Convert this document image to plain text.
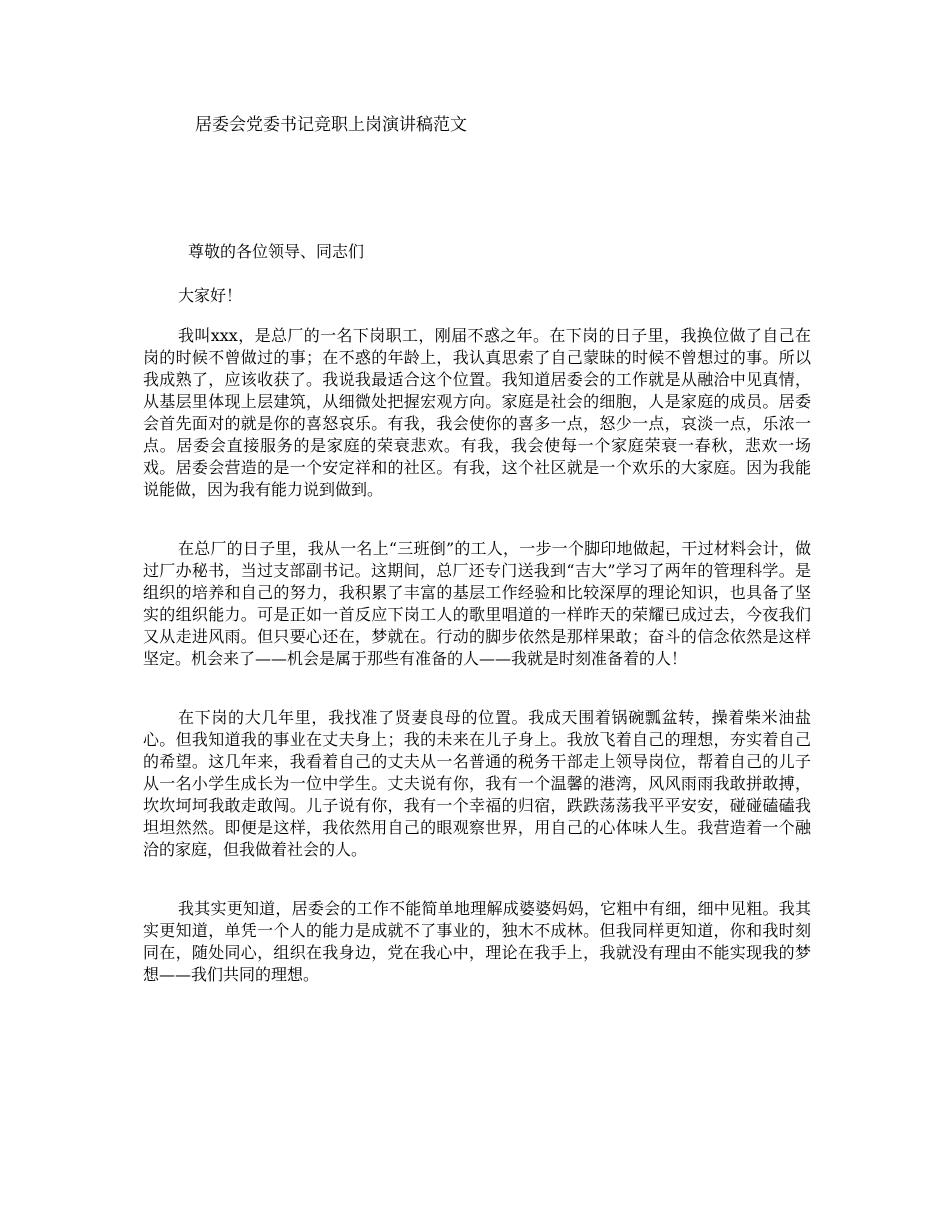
居委会党委书记竞职上岗演讲稿范文
尊敬的各位领导、同志们
大家好！

我叫xxx，是总厂的一名下岗职工，刚届不惑之年。在下岗的日子里，我换位做了自己在岗的时候不曾做过的事；在不惑的年龄上，我认真思索了自己蒙昧的时候不曾想过的事。所以我成熟了，应该收获了。我说我最适合这个位置。我知道居委会的工作就是从融洽中见真情，从基层里体现上层建筑，从细微处把握宏观方向。家庭是社会的细胞，人是家庭的成员。居委会首先面对的就是你的喜怒哀乐。有我，我会使你的喜多一点，怒少一点，哀淡一点，乐浓一点。居委会直接服务的是家庭的荣衰悲欢。有我，我会使每一个家庭荣衰一春秋，悲欢一场戏。居委会营造的是一个安定祥和的社区。有我，这个社区就是一个欢乐的大家庭。因为我能说能做，因为我有能力说到做到。

在总厂的日子里，我从一名上“三班倒”的工人，一步一个脚印地做起，干过材料会计，做过厂办秘书，当过支部副书记。这期间，总厂还专门送我到“吉大”学习了两年的管理科学。是组织的培养和自己的努力，我积累了丰富的基层工作经验和比较深厚的理论知识，也具备了坚实的组织能力。可是正如一首反应下岗工人的歌里唱道的一样昨天的荣耀已成过去，今夜我们又从走进风雨。但只要心还在，梦就在。行动的脚步依然是那样果敢；奋斗的信念依然是这样坚定。机会来了——机会是属于那些有准备的人——我就是时刻准备着的人！

在下岗的大几年里，我找准了贤妻良母的位置。我成天围着锅碗瓢盆转，操着柴米油盐心。但我知道我的事业在丈夫身上；我的未来在儿子身上。我放飞着自己的理想，夯实着自己的希望。这几年来，我看着自己的丈夫从一名普通的税务干部走上领导岗位，帮着自己的儿子从一名小学生成长为一位中学生。丈夫说有你，我有一个温馨的港湾，风风雨雨我敢拼敢搏，坎坎坷坷我敢走敢闯。儿子说有你，我有一个幸福的归宿，跌跌荡荡我平平安安，碰碰磕磕我坦坦然然。即便是这样，我依然用自己的眼观察世界，用自己的心体味人生。我营造着一个融洽的家庭，但我做着社会的人。

我其实更知道，居委会的工作不能简单地理解成婆婆妈妈，它粗中有细，细中见粗。我其实更知道，单凭一个人的能力是成就不了事业的，独木不成林。但我同样更知道，你和我时刻同在，随处同心，组织在我身边，党在我心中，理论在我手上，我就没有理由不能实现我的梦想——我们共同的理想。
